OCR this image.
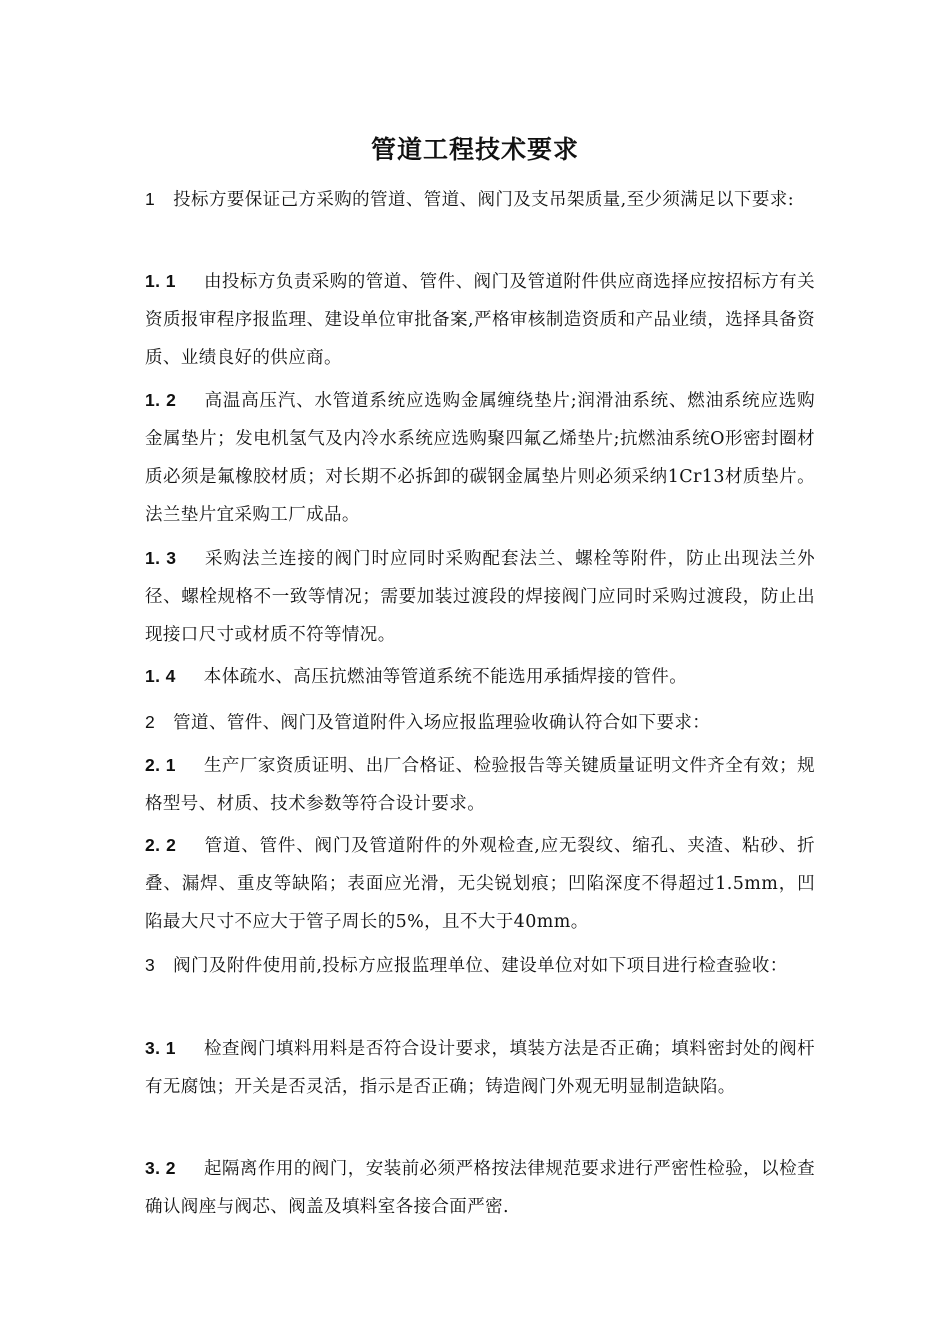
管道工程技术要求
1 投标方要保证己方采购的管道、管道、阀门及支吊架质量,至少须满足以下要求:
1. 1 由投标方负责采购的管道、管件、阀门及管道附件供应商选择应按招标方有关资质报审程序报监理、建设单位审批备案,严格审核制造资质和产品业绩，选择具备资质、业绩良好的供应商。
1. 2 高温高压汽、水管道系统应选购金属缠绕垫片;润滑油系统、燃油系统应选购金属垫片；发电机氢气及内冷水系统应选购聚四氟乙烯垫片;抗燃油系统O形密封圈材质必须是氟橡胶材质；对长期不必拆卸的碳钢金属垫片则必须采纳1Cr13材质垫片。法兰垫片宜采购工厂成品。
1. 3 采购法兰连接的阀门时应同时采购配套法兰、螺栓等附件，防止出现法兰外径、螺栓规格不一致等情况；需要加装过渡段的焊接阀门应同时采购过渡段，防止出现接口尺寸或材质不符等情况。
1. 4 本体疏水、高压抗燃油等管道系统不能选用承插焊接的管件。
2 管道、管件、阀门及管道附件入场应报监理验收确认符合如下要求：
2. 1 生产厂家资质证明、出厂合格证、检验报告等关键质量证明文件齐全有效；规格型号、材质、技术参数等符合设计要求。
2. 2 管道、管件、阀门及管道附件的外观检查,应无裂纹、缩孔、夹渣、粘砂、折叠、漏焊、重皮等缺陷；表面应光滑，无尖锐划痕；凹陷深度不得超过1.5mm，凹陷最大尺寸不应大于管子周长的5%，且不大于40mm。
3 阀门及附件使用前,投标方应报监理单位、建设单位对如下项目进行检查验收：
3. 1 检查阀门填料用料是否符合设计要求，填装方法是否正确；填料密封处的阀杆有无腐蚀；开关是否灵活，指示是否正确；铸造阀门外观无明显制造缺陷。
3. 2 起隔离作用的阀门，安装前必须严格按法律规范要求进行严密性检验，以检查确认阀座与阀芯、阀盖及填料室各接合面严密.
